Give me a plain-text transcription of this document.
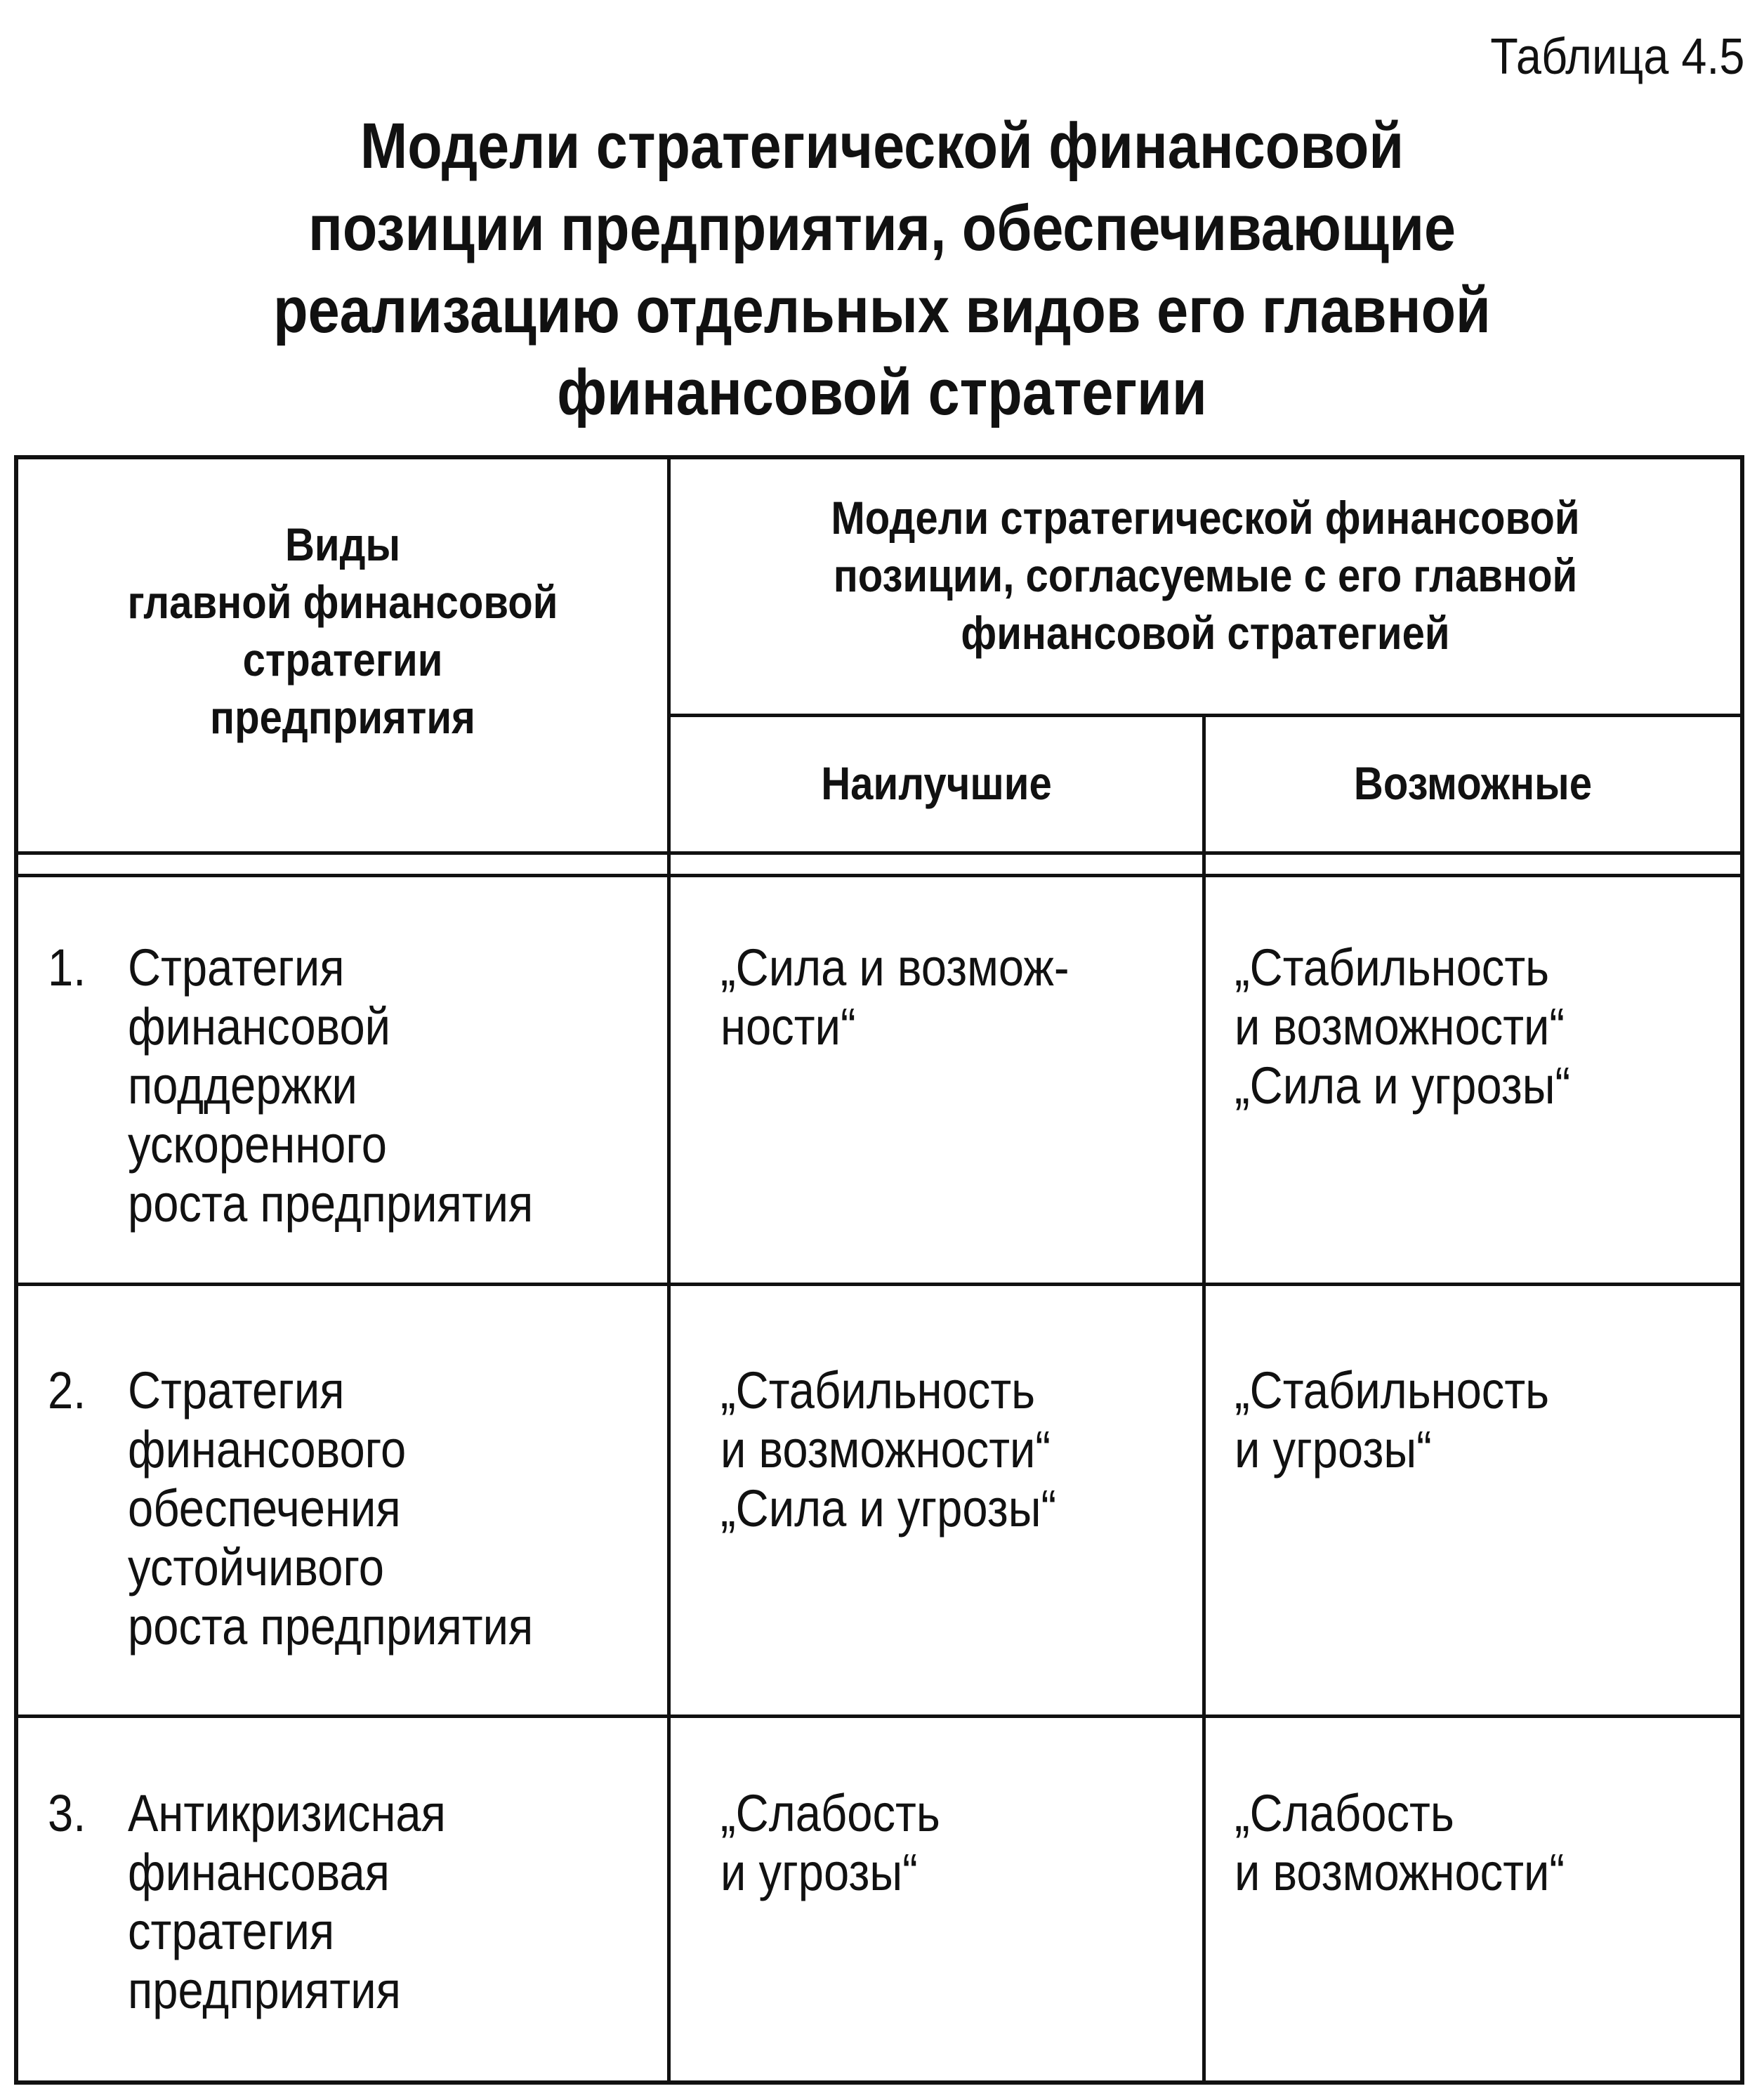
Таблица 4.5
Модели стратегической финансовой
позиции предприятия, обеспечивающие
реализацию отдельных видов его главной
финансовой стратегии
Виды
главной финансовой
стратегии
предприятия
Модели стратегической финансовой
позиции, согласуемые с его главной
финансовой стратегией
Наилучшие	Возможные
1. Стратегия
финансовой
поддержки
ускоренного
роста предприятия
„Сила и возмож-
ности“
„Стабильность
и возможности“
„Сила и угрозы“
2. Стратегия
финансового
обеспечения
устойчивого
роста предприятия
„Стабильность
и возможности“
„Сила и угрозы“
„Стабильность
и угрозы“
3. Антикризисная
финансовая
стратегия
предприятия
„Слабость
и угрозы“
„Слабость
и возможности“
